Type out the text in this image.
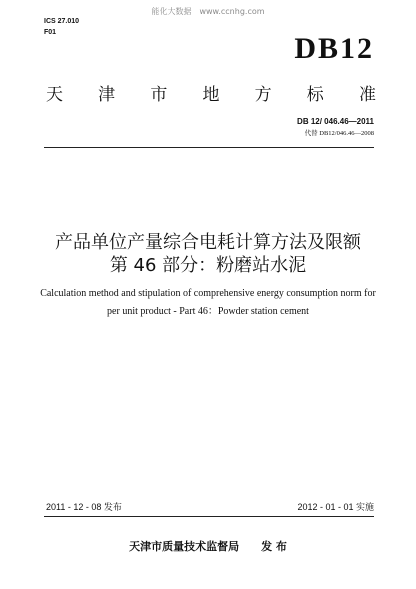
能化大数据　www.ccnhg.com
ICS 27.010
F01	DB12
天 津 市 地 方 标 准
DB 12/ 046.46—2011
代替 DB12/046.46—2008
产品单位产量综合电耗计算方法及限额
第 46 部分：粉磨站水泥
Calculation method and stipulation of comprehensive energy consumption norm for
per unit product - Part 46：Powder station cement
2011 - 12 - 08 发布	2012 - 01 - 01 实施
天津市质量技术监督局 发 布
